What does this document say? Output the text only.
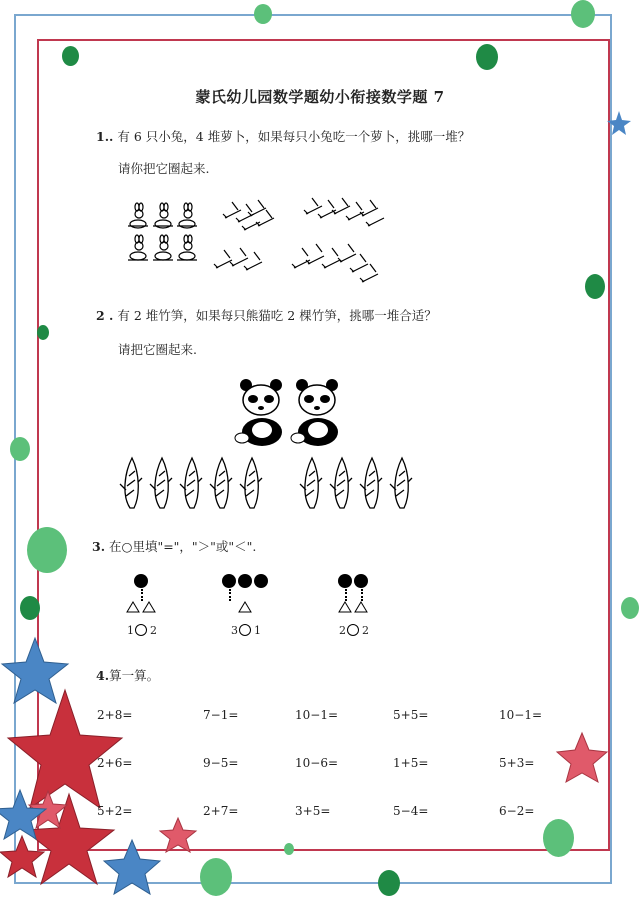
蒙氏幼儿园数学题幼小衔接数学题 7
1.. 有 6 只小兔，4 堆萝卜，如果每只小兔吃一个萝卜，挑哪一堆？
请你把它圈起来.
2 . 有 2 堆竹笋，如果每只熊猫吃 2 棵竹笋，挑哪一堆合适？
请把它圈起来.
3. 在○里填"="，"＞"或"＜".
1 2	3 1	2 2
4.算一算。
2+8=	7−1=	10−1=	5+5=	10−1=
2+6=	9−5=	10−6=	1+5=	5+3=
5+2=	2+7=	3+5=	5−4=	6−2=
